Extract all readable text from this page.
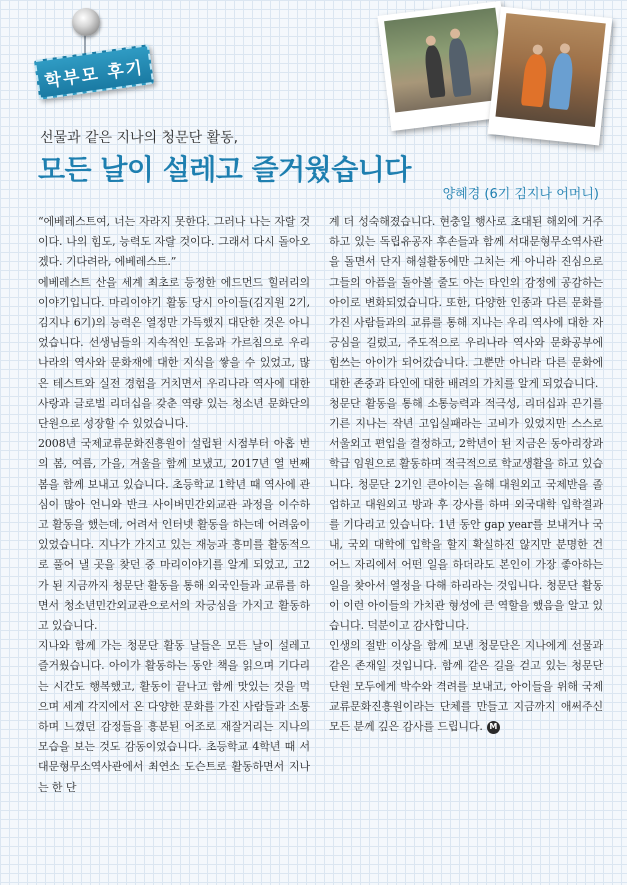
학부모 후기
선물과 같은 지나의 청문단 활동,
모든 날이 설레고 즐거웠습니다
양혜경 (6기 김지나 어머니)

“에베레스트여, 너는 자라지 못한다. 그러나 나는 자랄 것이다. 나의 힘도, 능력도 자랄 것이다. 그래서 다시 돌아오겠다. 기다려라, 에베레스트.”

에베레스트 산을 세계 최초로 등정한 에드먼드 힐러리의 이야기입니다. 마리이야기 활동 당시 아이들(김지원 2기, 김지나 6기)의 능력은 열정만 가득했지 대단한 것은 아니었습니다. 선생님들의 지속적인 도움과 가르침으로 우리나라의 역사와 문화재에 대한 지식을 쌓을 수 있었고, 많은 테스트와 실전 경험을 거치면서 우리나라 역사에 대한 사랑과 글로벌 리더십을 갖춘 역량 있는 청소년 문화단의 단원으로 성장할 수 있었습니다.

2008년 국제교류문화진흥원이 설립된 시점부터 아홉 번의 봄, 여름, 가을, 겨울을 함께 보냈고, 2017년 열 번째 봄을 함께 보내고 있습니다. 초등학교 1학년 때 역사에 관심이 많아 언니와 반크 사이버민간외교관 과정을 이수하고 활동을 했는데, 어려서 인터넷 활동을 하는데 어려움이 있었습니다. 지나가 가지고 있는 재능과 흥미를 활동적으로 풀어 낼 곳을 찾던 중 마리이야기를 알게 되었고, 고2가 된 지금까지 청문단 활동을 통해 외국인들과 교류를 하면서 청소년민간외교관으로서의 자긍심을 가지고 활동하고 있습니다.

지나와 함께 가는 청문단 활동 날들은 모든 날이 설레고 즐거웠습니다. 아이가 활동하는 동안 책을 읽으며 기다리는 시간도 행복했고, 활동이 끝나고 함께 맛있는 것을 먹으며 세계 각지에서 온 다양한 문화를 가진 사람들과 소통하며 느꼈던 감정들을 흥분된 어조로 재잘거리는 지나의 모습을 보는 것도 감동이었습니다. 초등학교 4학년 때 서대문형무소역사관에서 최연소 도슨트로 활동하면서 지나는 한 단

계 더 성숙해졌습니다. 현충일 행사로 초대된 해외에 거주하고 있는 독립유공자 후손들과 함께 서대문형무소역사관을 돌면서 단지 해설활동에만 그치는 게 아니라 진심으로 그들의 아픔을 돌아볼 줄도 아는 타인의 감정에 공감하는 아이로 변화되었습니다. 또한, 다양한 인종과 다른 문화를 가진 사람들과의 교류를 통해 지나는 우리 역사에 대한 자긍심을 길렀고, 주도적으로 우리나라 역사와 문화공부에 힘쓰는 아이가 되어갔습니다. 그뿐만 아니라 다른 문화에 대한 존중과 타인에 대한 배려의 가치를 알게 되었습니다.

청문단 활동을 통해 소통능력과 적극성, 리더십과 끈기를 기른 지나는 작년 고입실패라는 고비가 있었지만 스스로 서울외고 편입을 결정하고, 2학년이 된 지금은 동아리장과 학급 임원으로 활동하며 적극적으로 학교생활을 하고 있습니다. 청문단 2기인 큰아이는 올해 대원외고 국제반을 졸업하고 대원외고 방과 후 강사를 하며 외국대학 입학결과를 기다리고 있습니다. 1년 동안 gap year를 보내거나 국내, 국외 대학에 입학을 할지 확실하진 않지만 분명한 건 어느 자리에서 어떤 일을 하더라도 본인이 가장 좋아하는 일을 찾아서 열정을 다해 하리라는 것입니다. 청문단 활동이 이런 아이들의 가치관 형성에 큰 역할을 했음을 알고 있습니다. 덕분이고 감사합니다.

인생의 절반 이상을 함께 보낸 청문단은 지나에게 선물과 같은 존재일 것입니다. 함께 같은 길을 걷고 있는 청문단 단원 모두에게 박수와 격려를 보내고, 아이들을 위해 국제교류문화진흥원이라는 단체를 만들고 지금까지 애써주신 모든 분께 깊은 감사를 드립니다. M
